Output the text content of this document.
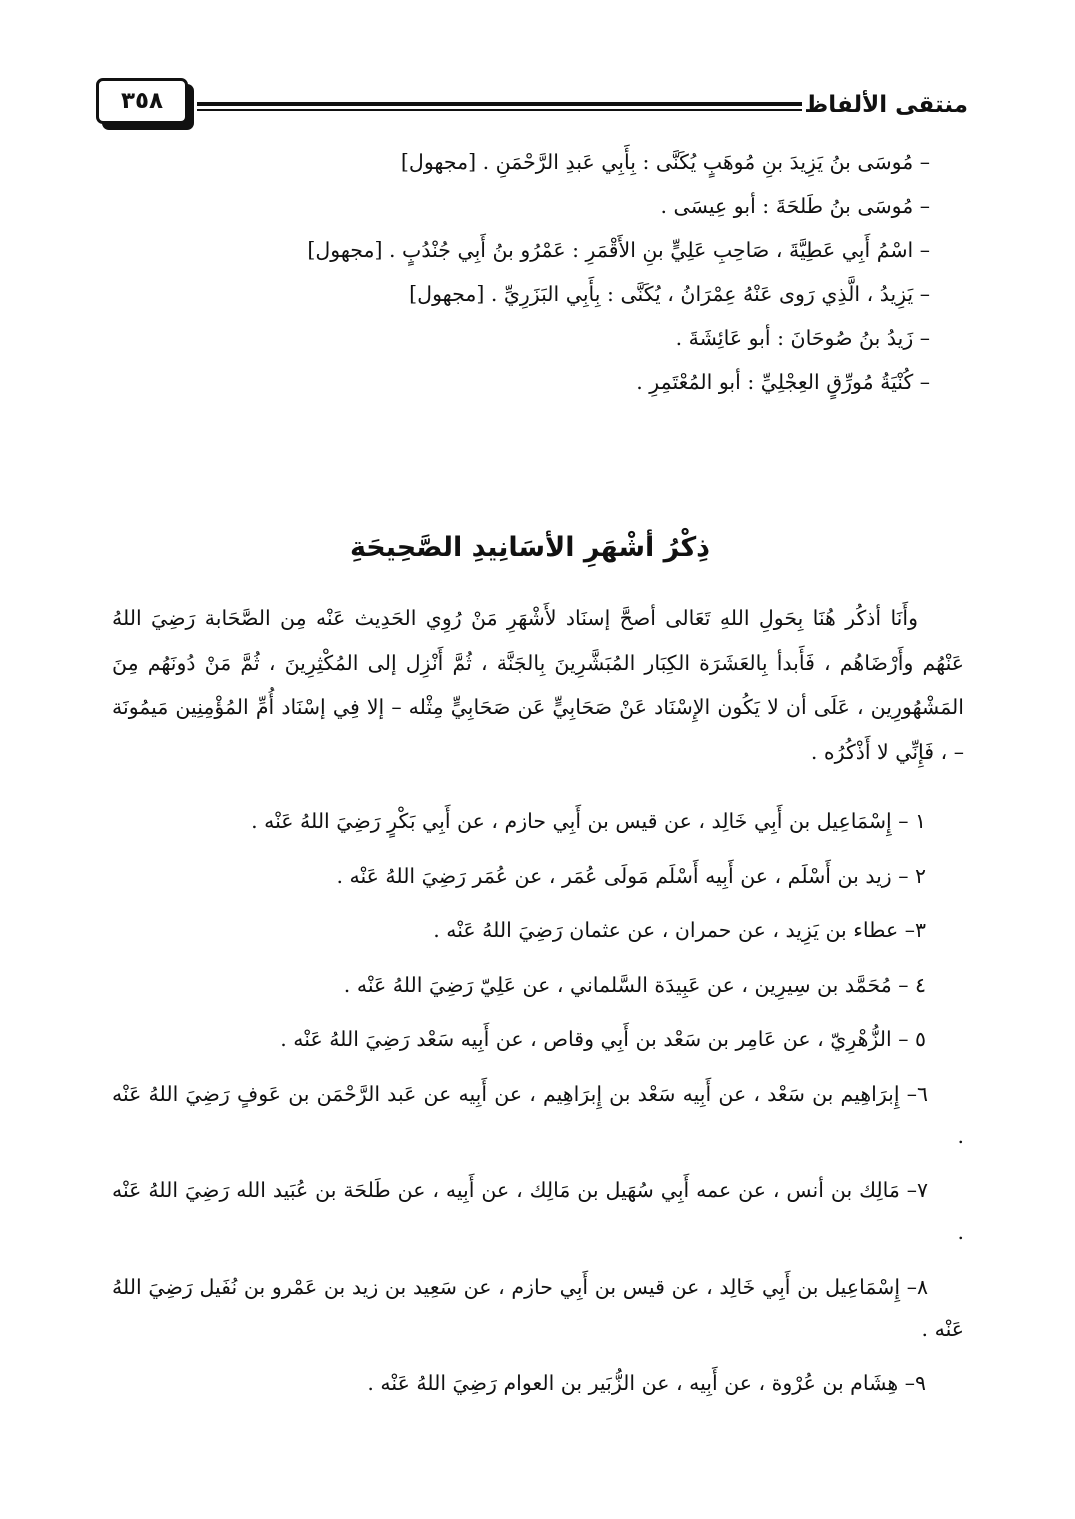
منتقى الألفاظ
٣٥٨
– مُوسَى بنُ يَزِيدَ بنِ مُوهَبٍ يُكَنَّى : بِأَبِي عَبدِ الرَّحْمَنِ . [مجهول]
– مُوسَى بنُ طَلحَةَ : أبو عِيسَى .
– اسْمُ أَبِي عَطِيَّةَ ، صَاحِبِ عَلِيٍّ بنِ الأَقْمَرِ : عَمْرُو بنُ أَبِي جُنْدُبٍ . [مجهول]
– يَزِيدُ ، الَّذِي رَوى عَنْهُ عِمْرَانُ ، يُكَنَّى : بِأَبِي البَزَرِيِّ . [مجهول]
– زَيدُ بنُ صُوحَانَ : أبو عَائِشَةَ .
– كُنْيَةُ مُورِّقٍ العِجْلِيِّ : أبو المُعْتَمِرِ .
ذِكْرُ أشْهَرِ الأسَانِيدِ الصَّحِيحَةِ
وأَنَا أذكُر هُنَا بِحَولِ اللهِ تَعَالى أصحَّ إسنَاد لأَشْهَرِ مَنْ رُوِي الحَدِيث عَنْه مِن الصَّحَابة رَضِيَ اللهُ عَنْهُم وأَرْضَاهُم ، فَأَبدأ بِالعَشَرَة الكِبَار المُبَشَّرِينَ بِالجَنَّة ، ثُمَّ أَنْزِل إلى المُكْثِرِينَ ، ثُمَّ مَنْ دُونَهُم مِنَ المَشْهُورِين ، عَلَى أن لا يَكُون الإِسْنَاد عَنْ صَحَابِيٍّ عَن صَحَابِيٍّ مِثْله – إلا فِي إسْنَاد أُمِّ المُؤْمِنِين مَيمُونَة – ، فَإِنِّي لا أَذْكُرُه .
١ – إِسْمَاعِيل بن أَبِي خَالِد ، عن قيس بن أَبِي حازم ، عن أَبِي بَكْرٍ رَضِيَ اللهُ عَنْه .
٢ – زيد بن أَسْلَم ، عن أَبِيه أَسْلَم مَولَى عُمَر ، عن عُمَر رَضِيَ اللهُ عَنْه .
٣– عطاء بن يَزِيد ، عن حمران ، عن عثمان رَضِيَ اللهُ عَنْه .
٤ – مُحَمَّد بن سِيرِين ، عن عَبِيدَة السَّلماني ، عن عَلِيّ رَضِيَ اللهُ عَنْه .
٥ – الزُّهْرِيّ ، عن عَامِر بن سَعْد بن أَبِي وقاص ، عن أَبِيه سَعْد رَضِيَ اللهُ عَنْه .
٦– إِبرَاهِيم بن سَعْد ، عن أَبِيه سَعْد بن إِبرَاهِيم ، عن أَبِيه عن عَبد الرَّحْمَن بن عَوفٍ رَضِيَ اللهُ عَنْه .
٧– مَالِك بن أنس ، عن عمه أَبِي سُهَيل بن مَالِك ، عن أَبِيه ، عن طَلحَة بن عُبَيد الله رَضِيَ اللهُ عَنْه .
٨– إِسْمَاعِيل بن أَبِي خَالِد ، عن قيس بن أَبِي حازم ، عن سَعِيد بن زيد بن عَمْرو بن نُفَيل رَضِيَ اللهُ عَنْه .
٩– هِشَام بن عُرْوة ، عن أَبِيه ، عن الزُّبَير بن العوام رَضِيَ اللهُ عَنْه .
